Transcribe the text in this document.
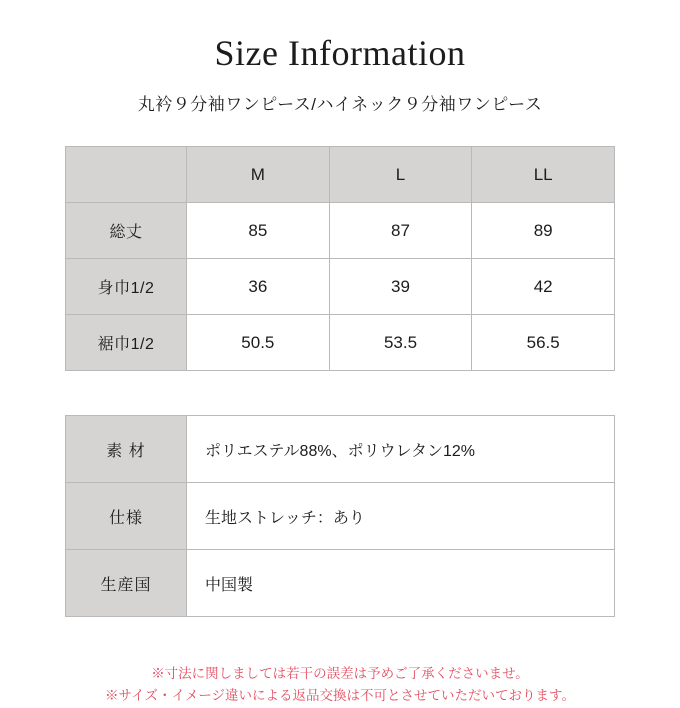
Size Information

丸衿９分袖ワンピース/ハイネック９分袖ワンピース

	M	L	LL
総丈	85	87	89
身巾1/2	36	39	42
裾巾1/2	50.5	53.5	56.5
素 材	ポリエステル88%、ポリウレタン12%
仕様	生地ストレッチ：あり
生産国	中国製
※寸法に関しましては若干の誤差は予めご了承くださいませ。
※サイズ・イメージ違いによる返品交換は不可とさせていただいております。
